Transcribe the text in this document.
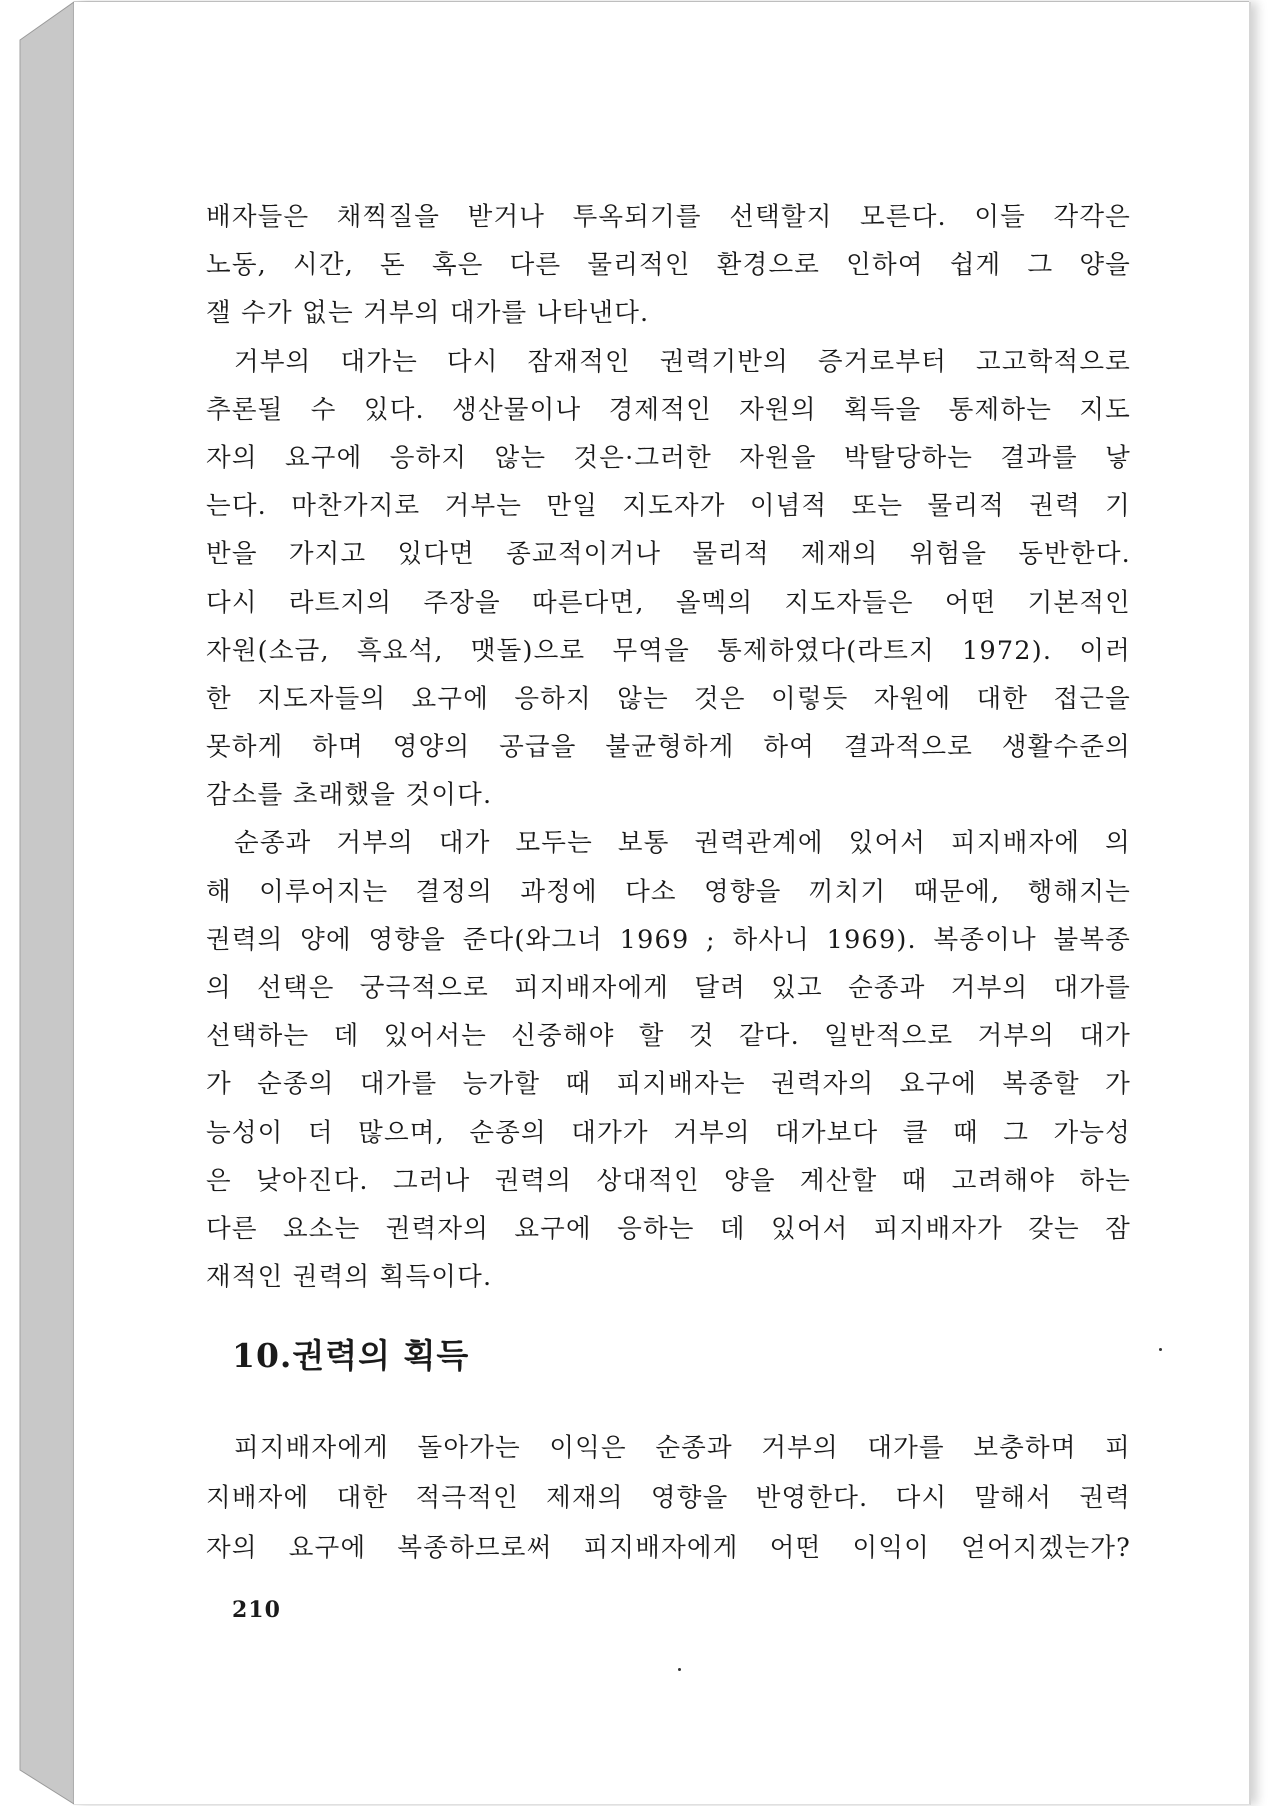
배자들은 채찍질을 받거나 투옥되기를 선택할지 모른다. 이들 각각은
노동, 시간, 돈 혹은 다른 물리적인 환경으로 인하여 쉽게 그 양을
잴 수가 없는 거부의 대가를 나타낸다.
거부의 대가는 다시 잠재적인 권력기반의 증거로부터 고고학적으로
추론될 수 있다. 생산물이나 경제적인 자원의 획득을 통제하는 지도
자의 요구에 응하지 않는 것은·그러한 자원을 박탈당하는 결과를 낳
는다. 마찬가지로 거부는 만일 지도자가 이념적 또는 물리적 권력 기
반을 가지고 있다면 종교적이거나 물리적 제재의 위험을 동반한다.
다시 라트지의 주장을 따른다면, 올멕의 지도자들은 어떤 기본적인
자원(소금, 흑요석, 맷돌)으로 무역을 통제하였다(라트지 1972). 이러
한 지도자들의 요구에 응하지 않는 것은 이렇듯 자원에 대한 접근을
못하게 하며 영양의 공급을 불균형하게 하여 결과적으로 생활수준의
감소를 초래했을 것이다.
순종과 거부의 대가 모두는 보통 권력관계에 있어서 피지배자에 의
해 이루어지는 결정의 과정에 다소 영향을 끼치기 때문에, 행해지는
권력의 양에 영향을 준다(와그너 1969 ; 하사니 1969). 복종이나 불복종
의 선택은 궁극적으로 피지배자에게 달려 있고 순종과 거부의 대가를
선택하는 데 있어서는 신중해야 할 것 같다. 일반적으로 거부의 대가
가 순종의 대가를 능가할 때 피지배자는 권력자의 요구에 복종할 가
능성이 더 많으며, 순종의 대가가 거부의 대가보다 클 때 그 가능성
은 낮아진다. 그러나 권력의 상대적인 양을 계산할 때 고려해야 하는
다른 요소는 권력자의 요구에 응하는 데 있어서 피지배자가 갖는 잠
재적인 권력의 획득이다.
10.권력의 획득
피지배자에게 돌아가는 이익은 순종과 거부의 대가를 보충하며 피
지배자에 대한 적극적인 제재의 영향을 반영한다. 다시 말해서 권력
자의 요구에 복종하므로써 피지배자에게 어떤 이익이 얻어지겠는가?
210
